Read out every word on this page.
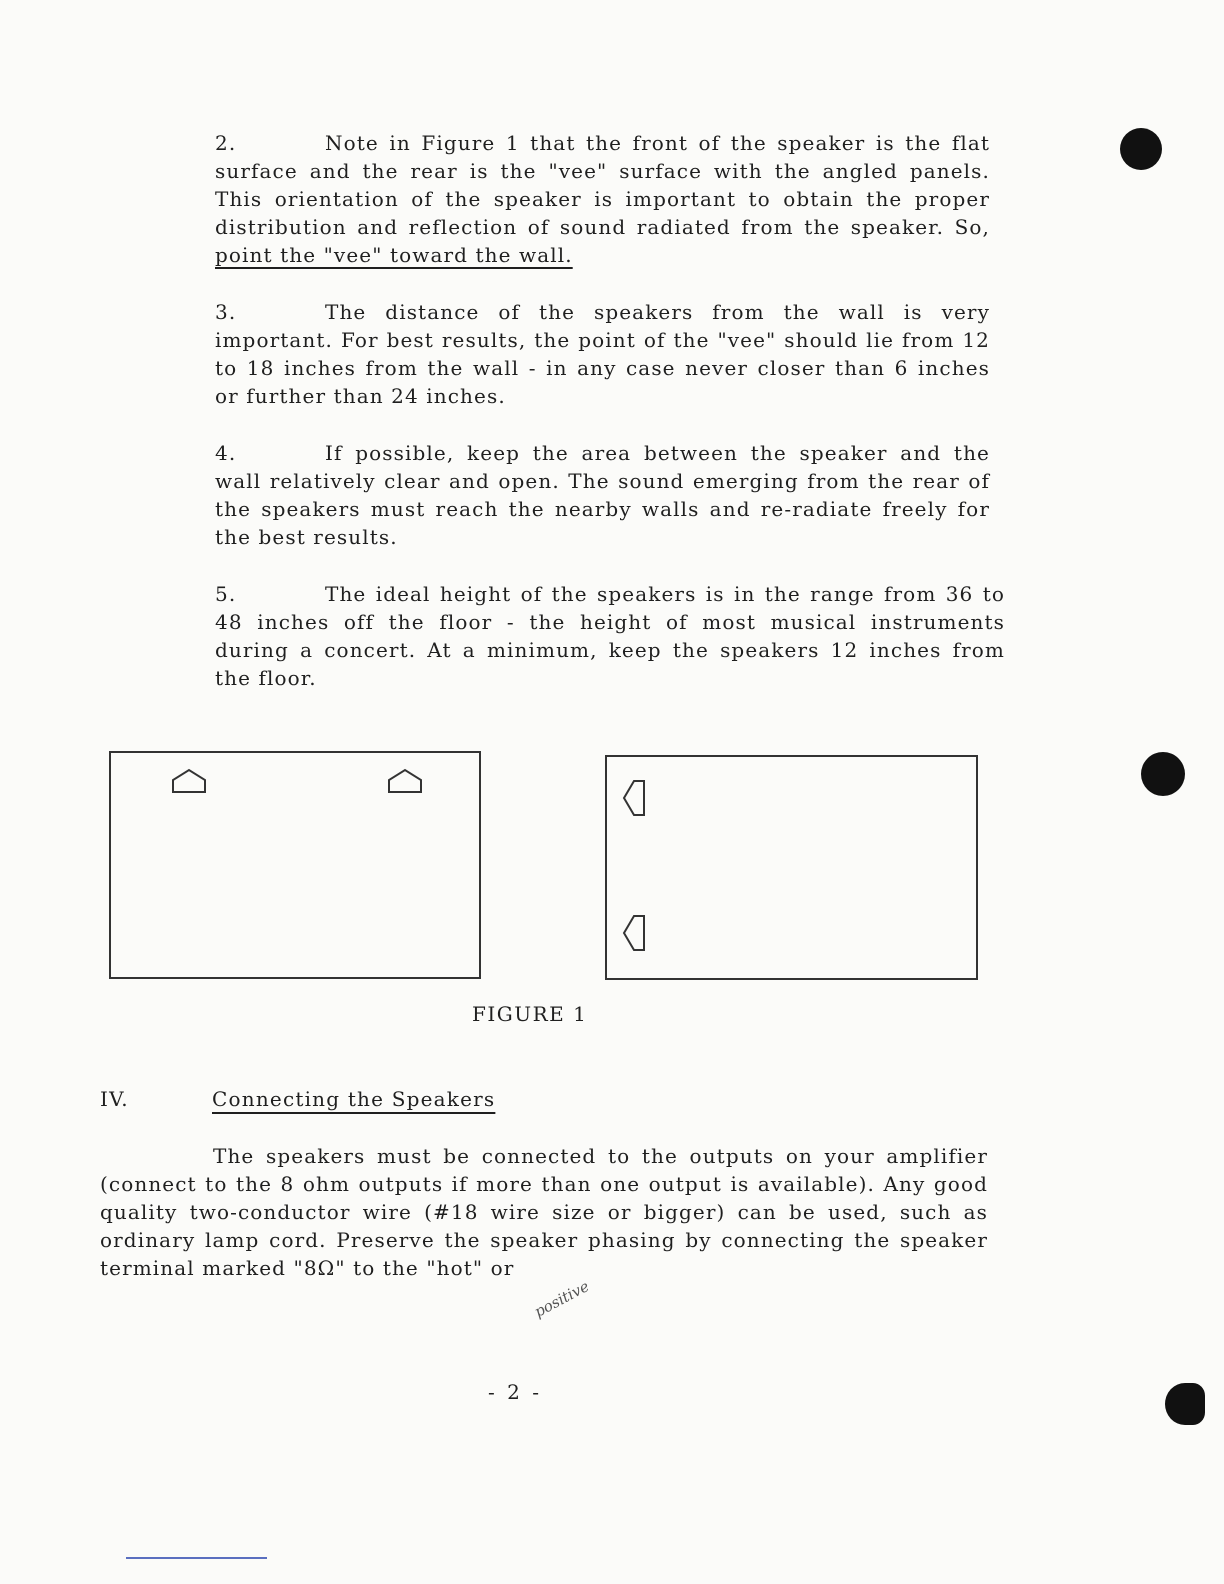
2.	Note in Figure 1 that the front of the speaker is the flat surface and the rear is the "vee" surface with the angled panels. This orientation of the speaker is important to obtain the proper distribution and reflection of sound radiated from the speaker. So, point the "vee" toward the wall.

3.	The distance of the speakers from the wall is very important. For best results, the point of the "vee" should lie from 12 to 18 inches from the wall - in any case never closer than 6 inches or further than 24 inches.

4.	If possible, keep the area between the speaker and the wall relatively clear and open. The sound emerging from the rear of the speakers must reach the nearby walls and re-radiate freely for the best results.

5.	The ideal height of the speakers is in the range from 36 to 48 inches off the floor - the height of most musical instruments during a concert. At a minimum, keep the speakers 12 inches from the floor.

FIGURE 1
IV.	Connecting the Speakers

The speakers must be connected to the outputs on your amplifier (connect to the 8 ohm outputs if more than one output is available). Any good quality two-conductor wire (#18 wire size or bigger) can be used, such as ordinary lamp cord. Preserve the speaker phasing by connecting the speaker terminal marked "8Ω" to the "hot" or

positive
- 2 -
